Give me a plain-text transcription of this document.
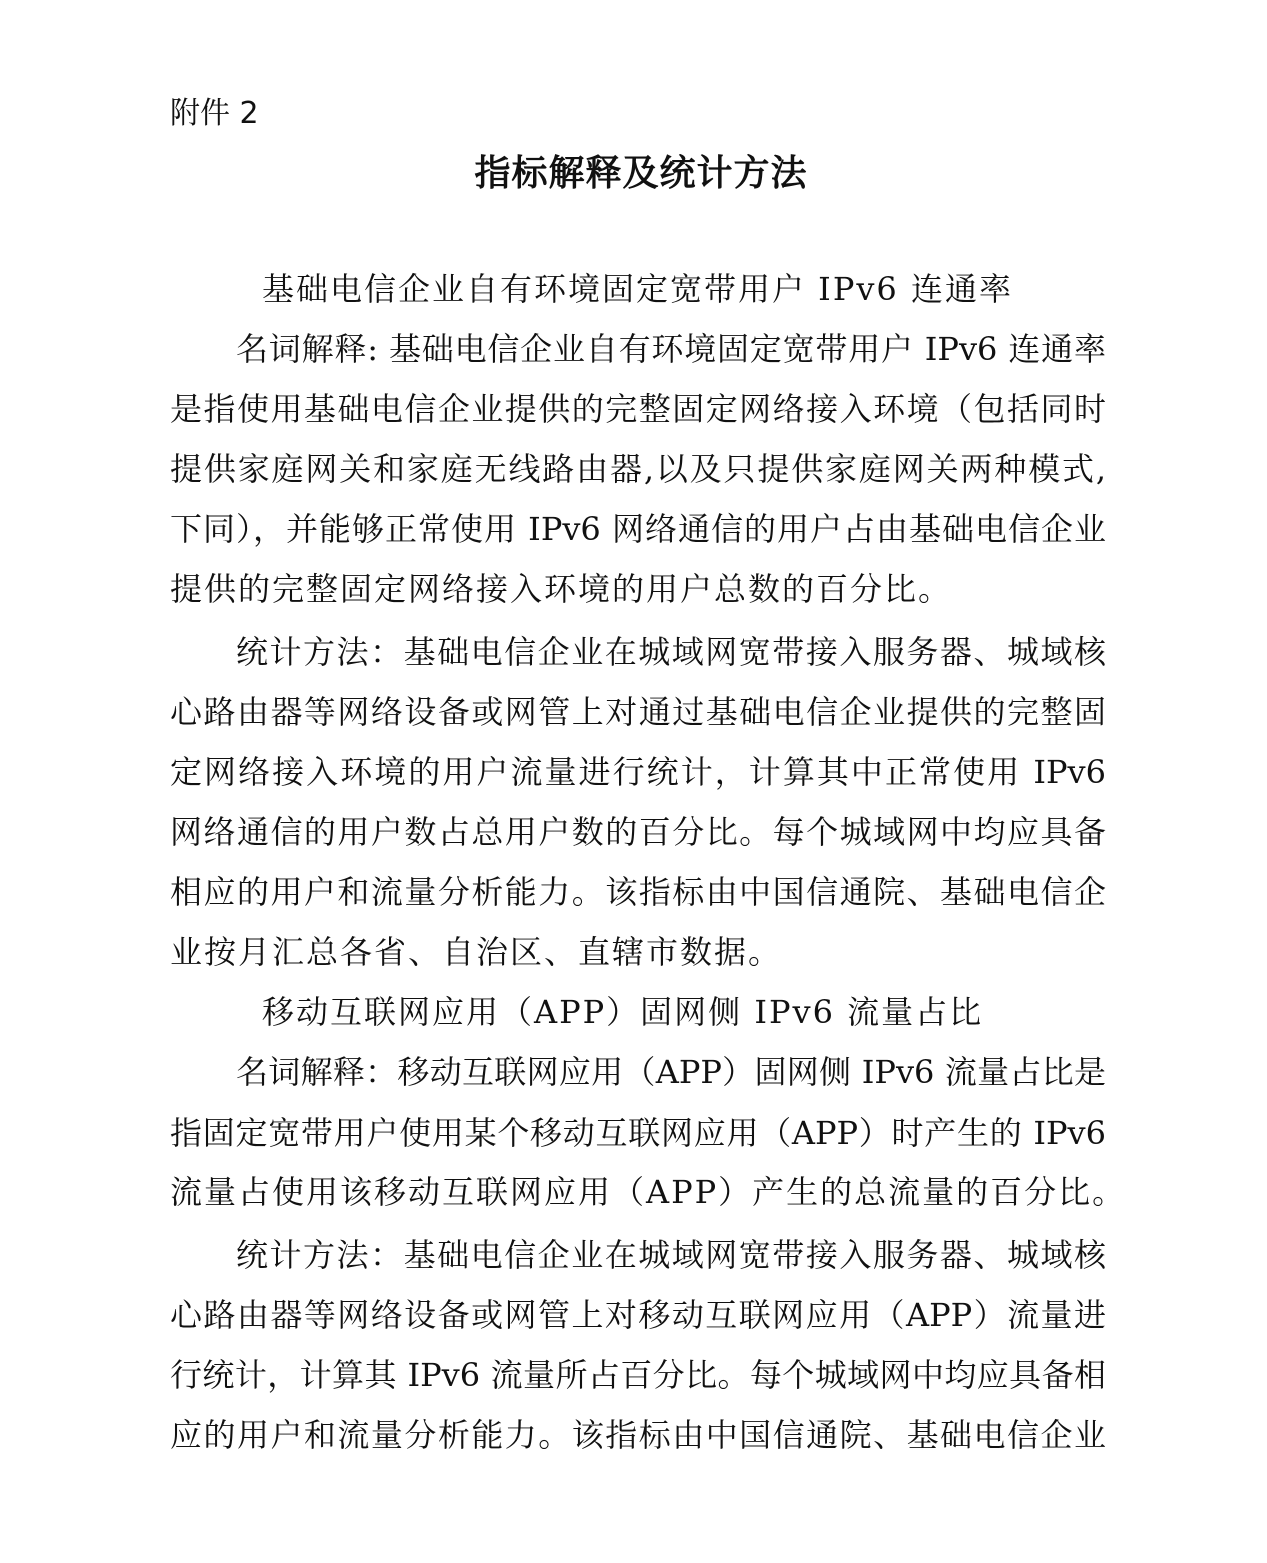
附件 2
指标解释及统计方法
基础电信企业自有环境固定宽带用户 IPv6 连通率
名词解释: 基础电信企业自有环境固定宽带用户 IPv6 连通率
是指使用基础电信企业提供的完整固定网络接入环境（包括同时
提供家庭网关和家庭无线路由器,以及只提供家庭网关两种模式,
下同），并能够正常使用 IPv6 网络通信的用户占由基础电信企业
提供的完整固定网络接入环境的用户总数的百分比。
统计方法：基础电信企业在城域网宽带接入服务器、城域核
心路由器等网络设备或网管上对通过基础电信企业提供的完整固
定网络接入环境的用户流量进行统计，计算其中正常使用 IPv6
网络通信的用户数占总用户数的百分比。每个城域网中均应具备
相应的用户和流量分析能力。该指标由中国信通院、基础电信企
业按月汇总各省、自治区、直辖市数据。
移动互联网应用（APP）固网侧 IPv6 流量占比
名词解释：移动互联网应用（APP）固网侧 IPv6 流量占比是
指固定宽带用户使用某个移动互联网应用（APP）时产生的 IPv6
流量占使用该移动互联网应用（APP）产生的总流量的百分比。
统计方法：基础电信企业在城域网宽带接入服务器、城域核
心路由器等网络设备或网管上对移动互联网应用（APP）流量进
行统计，计算其 IPv6 流量所占百分比。每个城域网中均应具备相
应的用户和流量分析能力。该指标由中国信通院、基础电信企业
